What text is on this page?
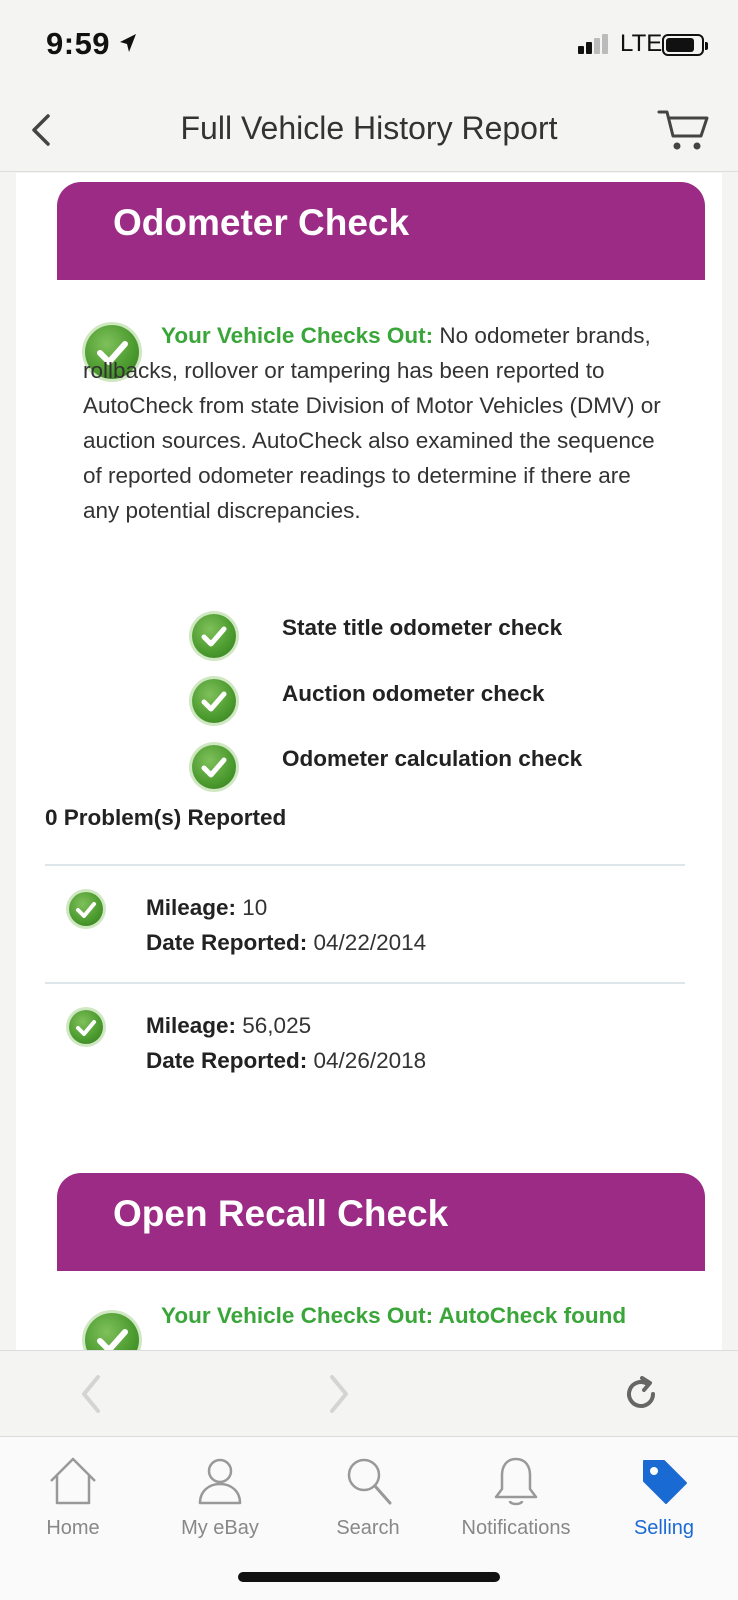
9:59	LTE
Full Vehicle History Report
Odometer Check
Your Vehicle Checks Out: No odometer brands, rollbacks, rollover or tampering has been reported to AutoCheck from state Division of Motor Vehicles (DMV) or auction sources. AutoCheck also examined the sequence of reported odometer readings to determine if there are any potential discrepancies.
State title odometer check
Auction odometer check
Odometer calculation check
0 Problem(s) Reported
Mileage: 10
Date Reported: 04/22/2014
Mileage: 56,025
Date Reported: 04/26/2018
Open Recall Check
Your Vehicle Checks Out: AutoCheck found
Home	My eBay	Search	Notifications	Selling
